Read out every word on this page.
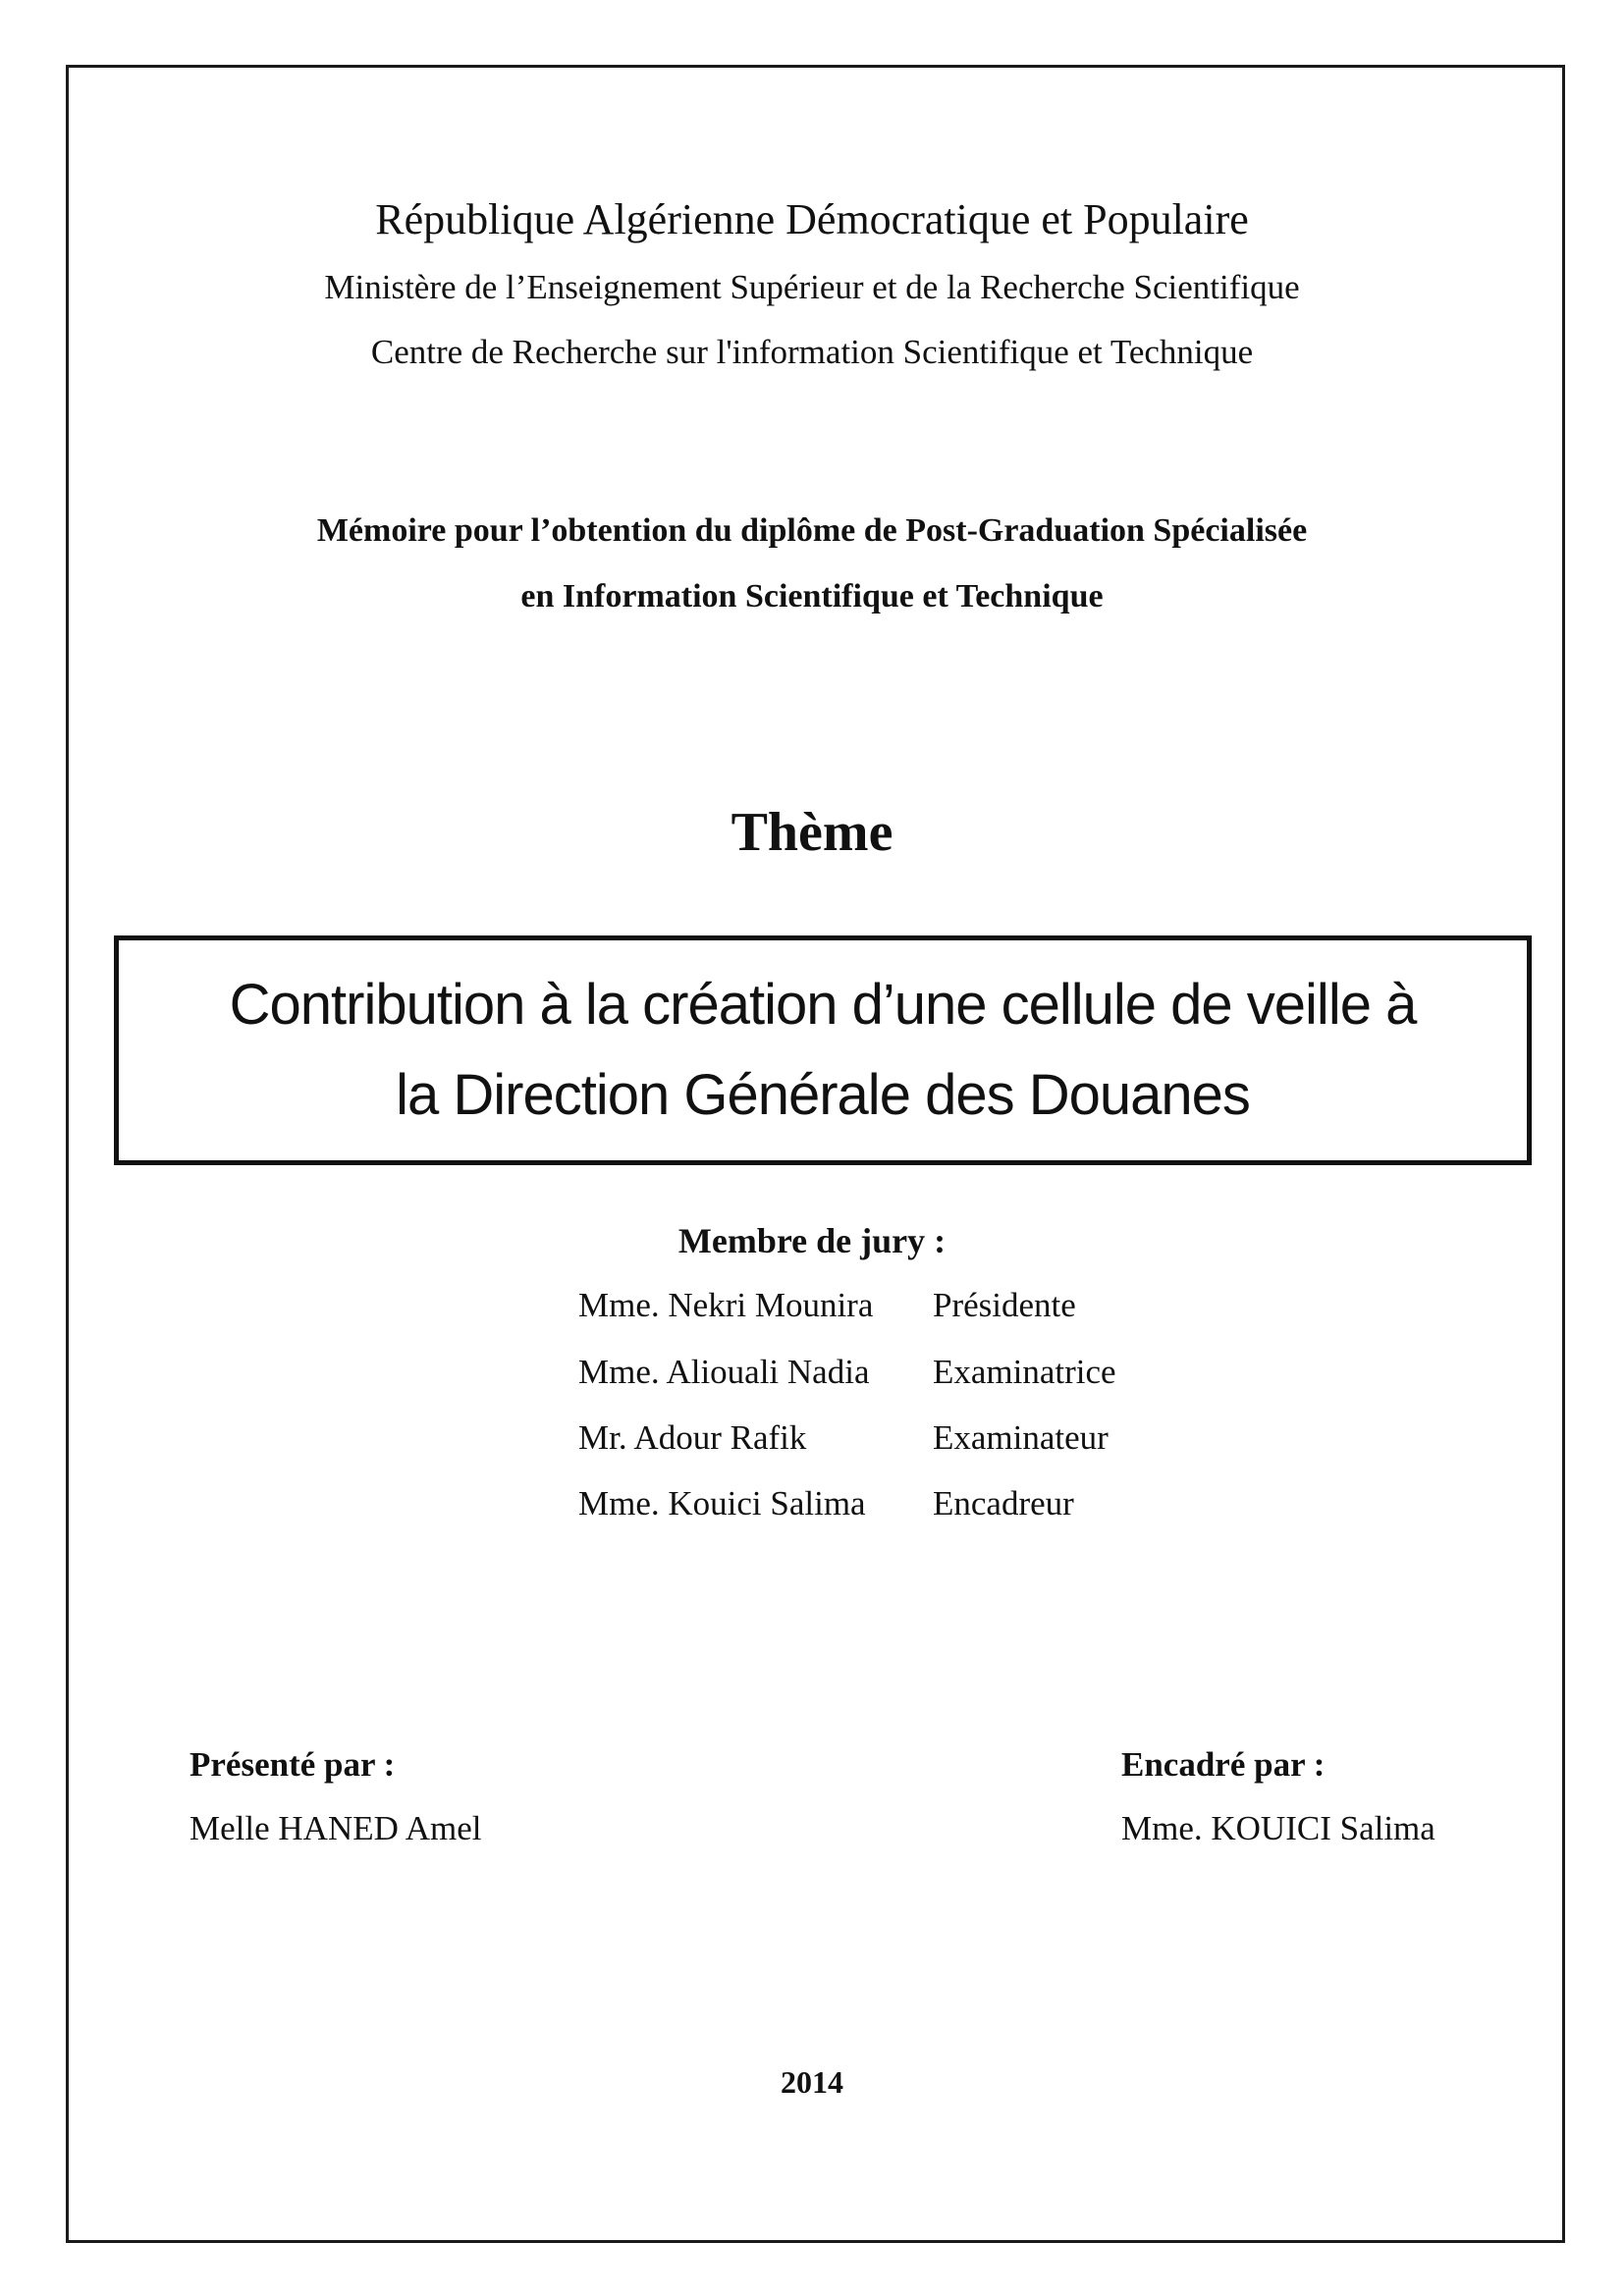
République Algérienne Démocratique et Populaire
Ministère de l’Enseignement Supérieur et de la Recherche Scientifique
Centre de Recherche sur l'information Scientifique et Technique
Mémoire pour l’obtention du diplôme de Post-Graduation Spécialisée
en Information Scientifique et Technique
Thème
Contribution à la création d’une cellule de veille à
la Direction Générale des Douanes
Membre de jury :
Mme. Nekri Mounira Présidente
Mme. Aliouali Nadia Examinatrice
Mr. Adour Rafik	Examinateur
Mme. Kouici Salima Encadreur
Présenté par :
Melle HANED Amel
Encadré par :
Mme. KOUICI Salima
2014
